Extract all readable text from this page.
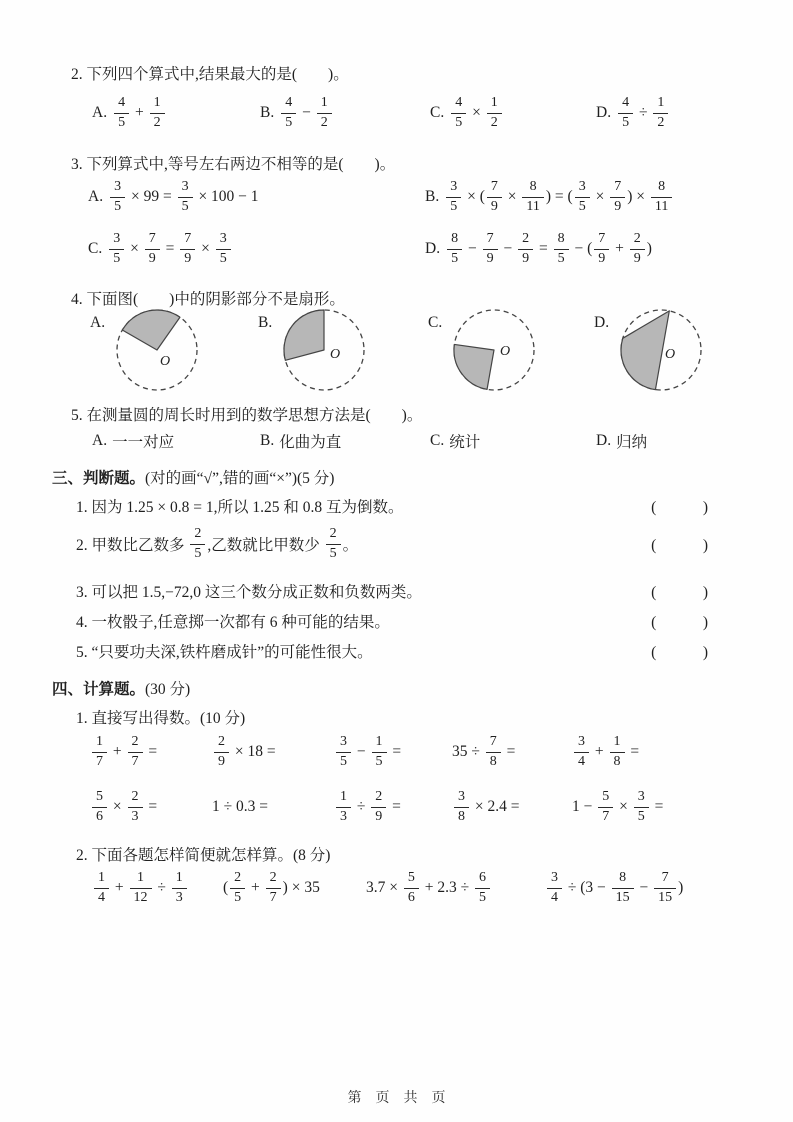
2. 下列四个算式中,结果最大的是(　　)。
A. $\frac{4}{5} + \frac{1}{2}$	B. $\frac{4}{5} - \frac{1}{2}$	C. $\frac{4}{5} \times \frac{1}{2}$	D. $\frac{4}{5} \div \frac{1}{2}$
3. 下列算式中,等号左右两边不相等的是(　　)。
A. $\frac{3}{5} \times 99 = \frac{3}{5} \times 100 - 1$	B. $\frac{3}{5}$ × ( $\frac{7}{9} \times \frac{8}{11}$ ) = ( $\frac{3}{5} \times \frac{7}{9}$ ) × $\frac{8}{11}$
C. $\frac{3}{5} \times \frac{7}{9} = \frac{7}{9} \times \frac{3}{5}$	D. $\frac{8}{5} - \frac{7}{9} - \frac{2}{9} = \frac{8}{5}$ − ( $\frac{7}{9} + \frac{2}{9}$ )
4. 下面图(　　)中的阴影部分不是扇形。
A.
O
B.
O
C.
O
D.
O
5. 在测量圆的周长时用到的数学思想方法是(　　)。
A. 一一对应	B. 化曲为直	C. 统计	D. 归纳
三、判断题。(对的画“√”,错的画“×”)(5 分)
1. 因为 1.25 × 0.8 = 1,所以 1.25 和 0.8 互为倒数。	(　　　)
2. 甲数比乙数多 $\frac{2}{5}$ ,乙数就比甲数少 $\frac{2}{5}$ 。	(　　　)
3. 可以把 1.5,−72,0 这三个数分成正数和负数两类。	(　　　)
4. 一枚骰子,任意掷一次都有 6 种可能的结果。	(　　　)
5. “只要功夫深,铁杵磨成针”的可能性很大。	(　　　)
四、计算题。(30 分)
1. 直接写出得数。(10 分)
$\frac{1}{7} + \frac{2}{7}$ =	$\frac{2}{9} \times 18$ =	$\frac{3}{5} - \frac{1}{5}$ =	$35 \div \frac{7}{8}$ =	$\frac{3}{4} + \frac{1}{8}$ =
$\frac{5}{6} \times \frac{2}{3}$ =	1 ÷ 0.3 =	$\frac{1}{3} \div \frac{2}{9}$ =	$\frac{3}{8} \times 2.4$ =	$1 - \frac{5}{7} \times \frac{3}{5}$ =
2. 下面各题怎样简便就怎样算。(8 分)
$\frac{1}{4} + \frac{1}{12} \div \frac{1}{3}$ ( $\frac{2}{5} + \frac{2}{7}$ ) × 35	$3.7 \times \frac{5}{6} + 2.3 \div \frac{6}{5}$	$\frac{3}{4} \div (3 - \frac{8}{15} - \frac{7}{15}$ )
第　页　共　页
